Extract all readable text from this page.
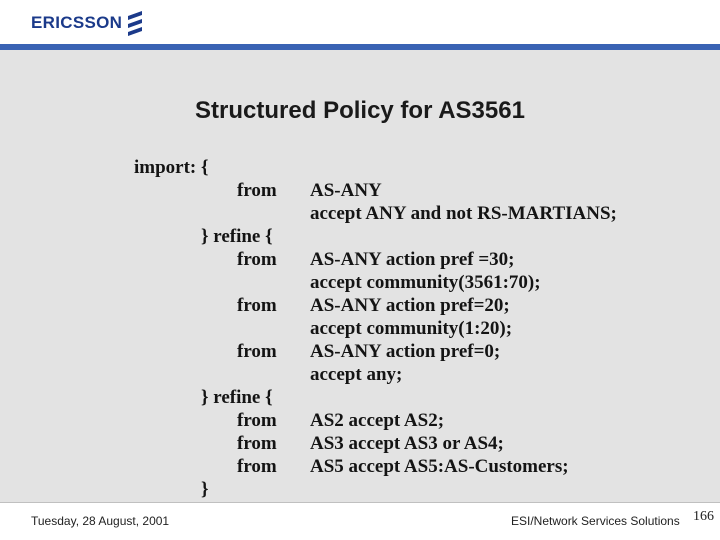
ERICSSON
Structured Policy for AS3561
import: {
from AS-ANY
accept ANY and not RS-MARTIANS;
} refine {
from AS-ANY action pref =30;
accept community(3561:70);
from AS-ANY action pref=20;
accept community(1:20);
from AS-ANY action pref=0;
accept any;
} refine {
from AS2 accept AS2;
from AS3 accept AS3 or AS4;
from AS5 accept AS5:AS-Customers;
}
Tuesday, 28 August, 2001	ESI/Network Services Solutions 166
